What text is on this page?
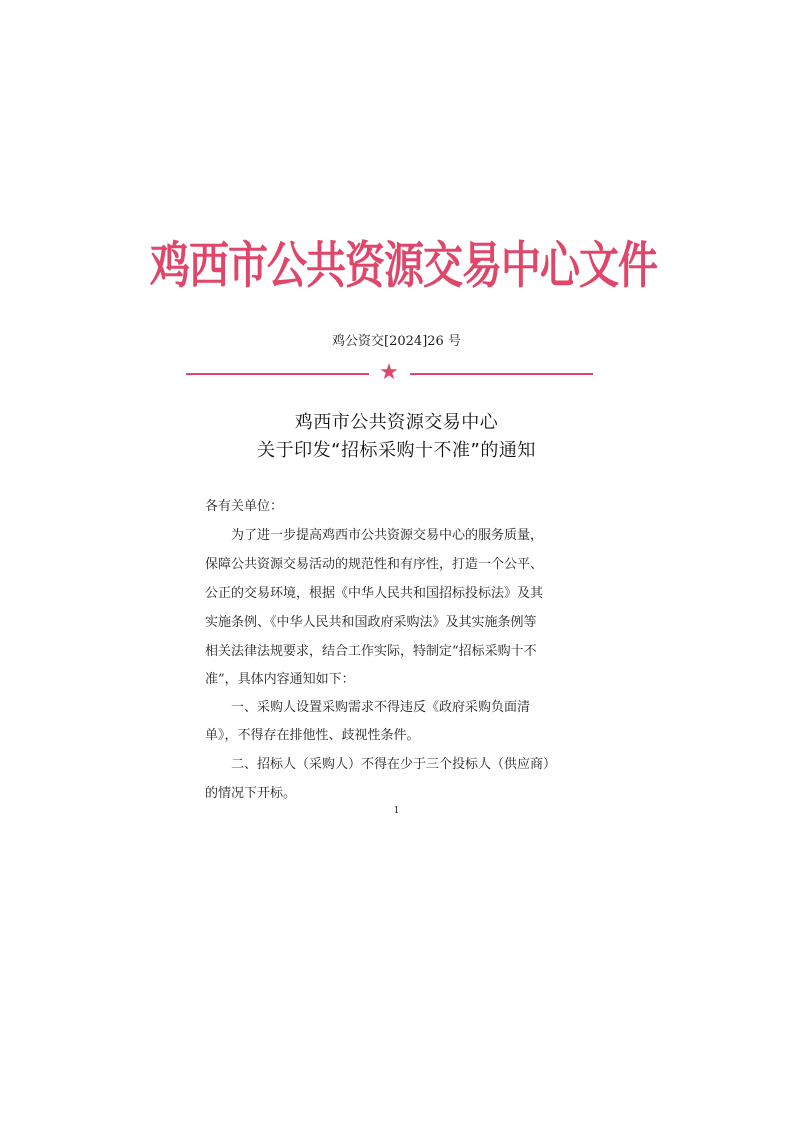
鸡西市公共资源交易中心文件
鸡公资交[2024]26 号
★
鸡西市公共资源交易中心
关于印发“招标采购十不准”的通知
各有关单位：
为了进一步提高鸡西市公共资源交易中心的服务质量，
保障公共资源交易活动的规范性和有序性，打造一个公平、
公正的交易环境，根据《中华人民共和国招标投标法》及其
实施条例、《中华人民共和国政府采购法》及其实施条例等
相关法律法规要求，结合工作实际，特制定“招标采购十不
准”，具体内容通知如下：
一、采购人设置采购需求不得违反《政府采购负面清
单》，不得存在排他性、歧视性条件。
二、招标人（采购人）不得在少于三个投标人（供应商）
的情况下开标。
1
